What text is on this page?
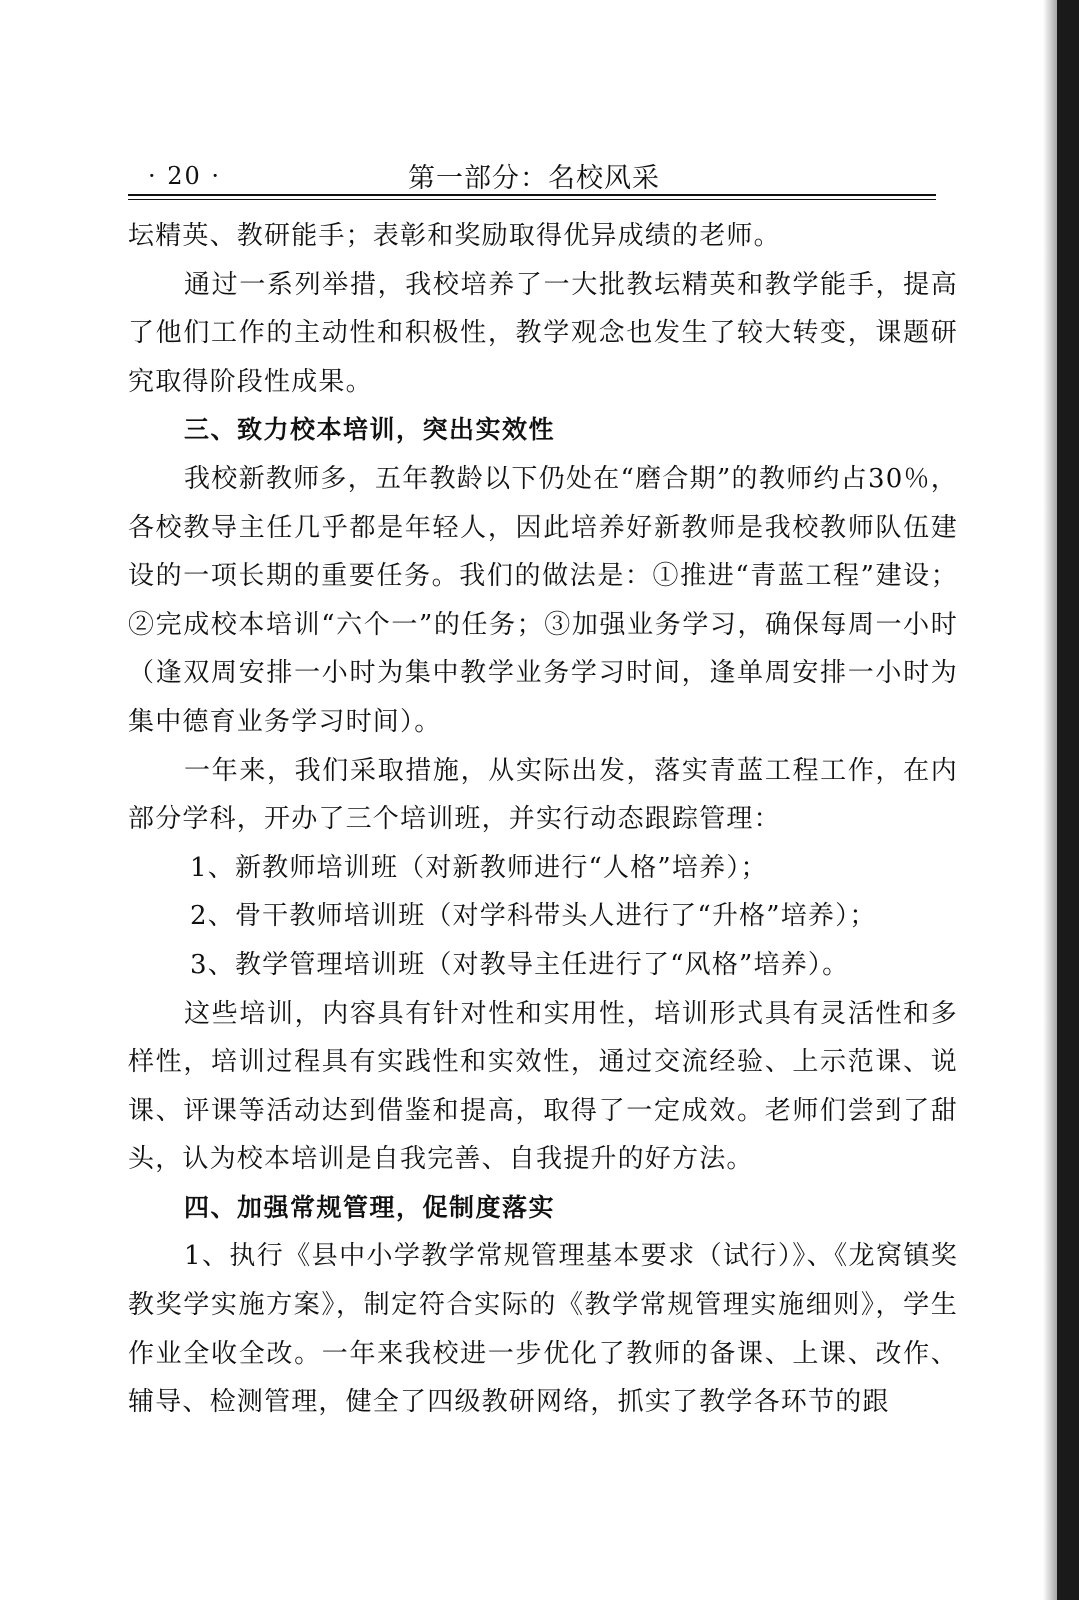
· 20 ·	第一部分：名校风采

坛精英、教研能手；表彰和奖励取得优异成绩的老师。

通过一系列举措，我校培养了一大批教坛精英和教学能手，提高了他们工作的主动性和积极性，教学观念也发生了较大转变，课题研究取得阶段性成果。

三、致力校本培训，突出实效性

我校新教师多，五年教龄以下仍处在“磨合期”的教师约占30％，各校教导主任几乎都是年轻人，因此培养好新教师是我校教师队伍建设的一项长期的重要任务。我们的做法是：①推进“青蓝工程”建设；②完成校本培训“六个一”的任务；③加强业务学习，确保每周一小时（逢双周安排一小时为集中教学业务学习时间，逢单周安排一小时为集中德育业务学习时间）。

一年来，我们采取措施，从实际出发，落实青蓝工程工作，在内部分学科，开办了三个培训班，并实行动态跟踪管理：

1、新教师培训班（对新教师进行“人格”培养）；

2、骨干教师培训班（对学科带头人进行了“升格”培养）；

3、教学管理培训班（对教导主任进行了“风格”培养）。

这些培训，内容具有针对性和实用性，培训形式具有灵活性和多样性，培训过程具有实践性和实效性，通过交流经验、上示范课、说课、评课等活动达到借鉴和提高，取得了一定成效。老师们尝到了甜头，认为校本培训是自我完善、自我提升的好方法。

四、加强常规管理，促制度落实

1、执行《县中小学教学常规管理基本要求（试行）》、《龙窝镇奖教奖学实施方案》，制定符合实际的《教学常规管理实施细则》，学生作业全收全改。一年来我校进一步优化了教师的备课、上课、改作、辅导、检测管理，健全了四级教研网络，抓实了教学各环节的跟
